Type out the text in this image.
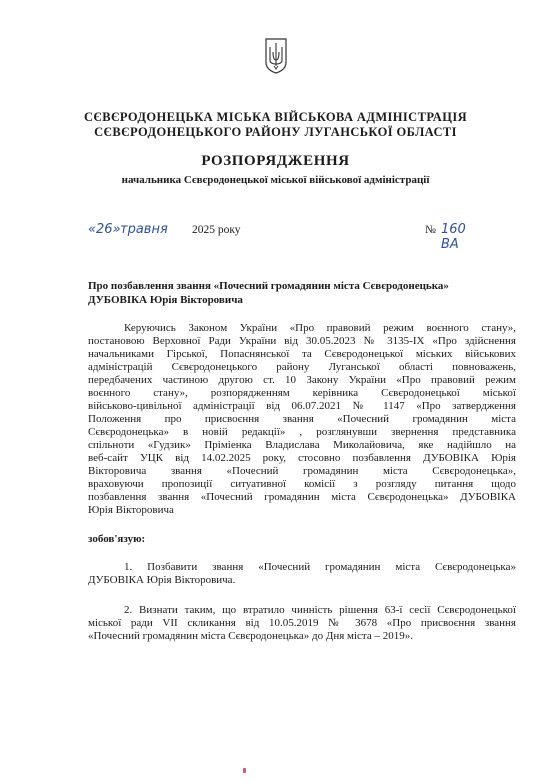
СЄВЄРОДОНЕЦЬКА МІСЬКА ВІЙСЬКОВА АДМІНІСТРАЦІЯ
СЄВЄРОДОНЕЦЬКОГО РАЙОНУ ЛУГАНСЬКОЇ ОБЛАСТІ
РОЗПОРЯДЖЕННЯ
начальника Сєвєродонецької міської військової адміністрації
«26» травня 2025 року	№ 160 ВА
Про позбавлення звання «Почесний громадянин міста Сєвєродонецька»
ДУБОВІКА Юрія Вікторовича
Керуючись Законом України «Про правовий режим воєнного стану»,
постановою Верховної Ради України від 30.05.2023 № 3135-IX «Про здійснення
начальниками Гірської, Попаснянської та Сєвєродонецької міських військових
адміністрацій Сєвєродонецького району Луганської області повноважень,
передбачених частиною другою ст. 10 Закону України «Про правовий режим
воєнного стану», розпорядженням керівника Сєвєродонецької міської
військово-цивільної адміністрації від 06.07.2021 № 1147 «Про затвердження
Положення про присвоєння звання «Почесний громадянин міста
Сєвєродонецька» в новій редакції» , розглянувши звернення представника
спільноти «Гудзик» Пріміенка Владислава Миколайовича, яке надійшло на
веб-сайт УЦК від 14.02.2025 року, стосовно позбавлення ДУБОВІКА Юрія
Вікторовича звання «Почесний громадянин міста Сєвєродонецька»,
враховуючи пропозиції ситуативної комісії з розгляду питання щодо
позбавлення звання «Почесний громадянин міста Сєвєродонецька» ДУБОВІКА
Юрія Вікторовича
зобов'язую:
1. Позбавити звання «Почесний громадянин міста Сєвєродонецька»
ДУБОВІКА Юрія Вікторовича.
2. Визнати таким, що втратило чинність рішення 63-ї сесії Сєвєродонецької
міської ради VII скликання від 10.05.2019 № 3678 «Про присвоєння звання
«Почесний громадянин міста Сєвєродонецька» до Дня міста – 2019».
